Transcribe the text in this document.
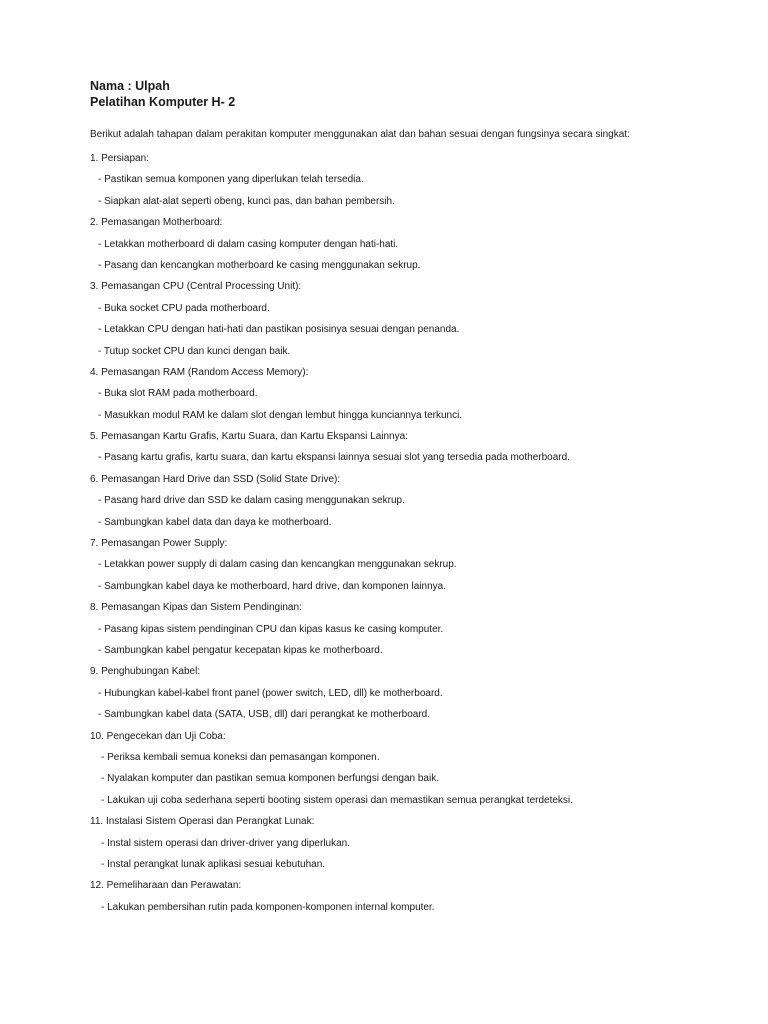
Nama : Ulpah
Pelatihan Komputer H- 2
Berikut adalah tahapan dalam perakitan komputer menggunakan alat dan bahan sesuai dengan fungsinya secara singkat:
1. Persiapan:
- Pastikan semua komponen yang diperlukan telah tersedia.
- Siapkan alat-alat seperti obeng, kunci pas, dan bahan pembersih.
2. Pemasangan Motherboard:
- Letakkan motherboard di dalam casing komputer dengan hati-hati.
- Pasang dan kencangkan motherboard ke casing menggunakan sekrup.
3. Pemasangan CPU (Central Processing Unit):
- Buka socket CPU pada motherboard.
- Letakkan CPU dengan hati-hati dan pastikan posisinya sesuai dengan penanda.
- Tutup socket CPU dan kunci dengan baik.
4. Pemasangan RAM (Random Access Memory):
- Buka slot RAM pada motherboard.
- Masukkan modul RAM ke dalam slot dengan lembut hingga kunciannya terkunci.
5. Pemasangan Kartu Grafis, Kartu Suara, dan Kartu Ekspansi Lainnya:
- Pasang kartu grafis, kartu suara, dan kartu ekspansi lainnya sesuai slot yang tersedia pada motherboard.
6. Pemasangan Hard Drive dan SSD (Solid State Drive):
- Pasang hard drive dan SSD ke dalam casing menggunakan sekrup.
- Sambungkan kabel data dan daya ke motherboard.
7. Pemasangan Power Supply:
- Letakkan power supply di dalam casing dan kencangkan menggunakan sekrup.
- Sambungkan kabel daya ke motherboard, hard drive, dan komponen lainnya.
8. Pemasangan Kipas dan Sistem Pendinginan:
- Pasang kipas sistem pendinginan CPU dan kipas kasus ke casing komputer.
- Sambungkan kabel pengatur kecepatan kipas ke motherboard.
9. Penghubungan Kabel:
- Hubungkan kabel-kabel front panel (power switch, LED, dll) ke motherboard.
- Sambungkan kabel data (SATA, USB, dll) dari perangkat ke motherboard.
10. Pengecekan dan Uji Coba:
- Periksa kembali semua koneksi dan pemasangan komponen.
- Nyalakan komputer dan pastikan semua komponen berfungsi dengan baik.
- Lakukan uji coba sederhana seperti booting sistem operasi dan memastikan semua perangkat terdeteksi.
11. Instalasi Sistem Operasi dan Perangkat Lunak:
- Instal sistem operasi dan driver-driver yang diperlukan.
- Instal perangkat lunak aplikasi sesuai kebutuhan.
12. Pemeliharaan dan Perawatan:
- Lakukan pembersihan rutin pada komponen-komponen internal komputer.
